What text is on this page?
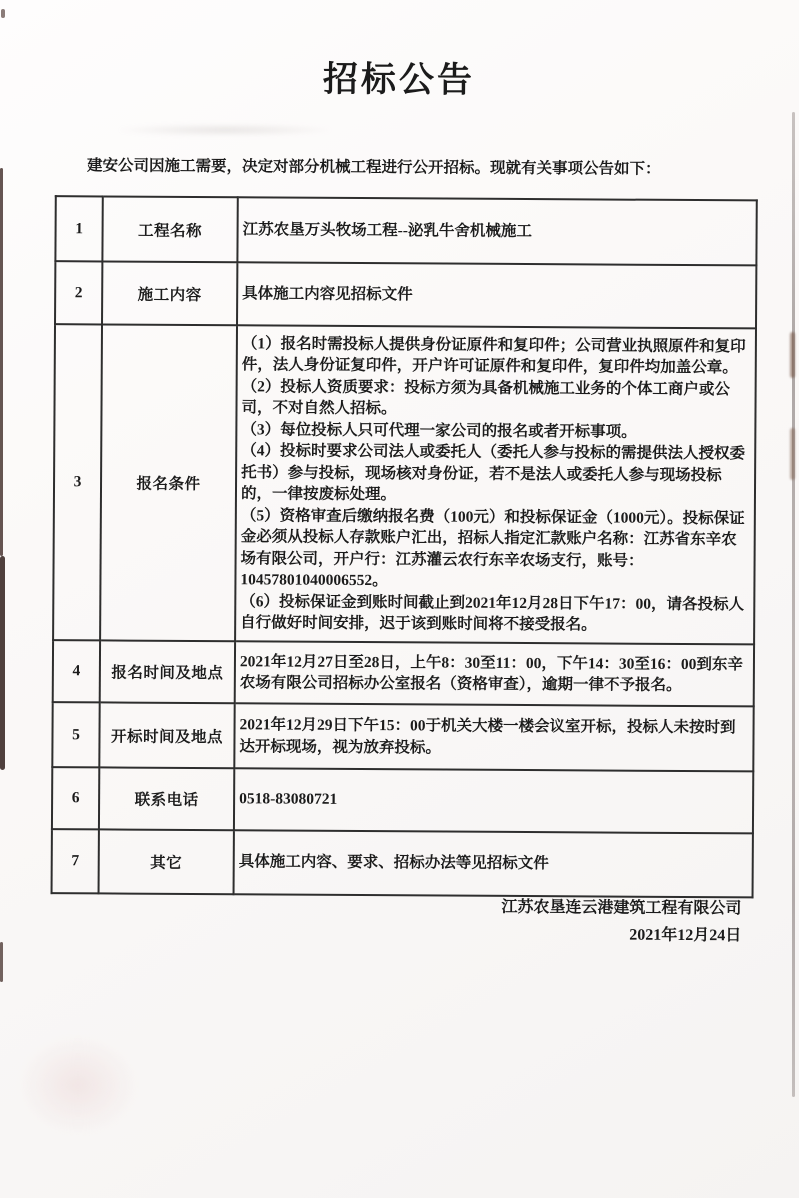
招标公告

建安公司因施工需要，决定对部分机械工程进行公开招标。现就有关事项公告如下：

1	工程名称	江苏农垦万头牧场工程--泌乳牛舍机械施工

2	施工内容	具体施工内容见招标文件

3	报名条件	
（1）报名时需投标人提供身份证原件和复印件；公司营业执照原件和复印件，法人身份证复印件，开户许可证原件和复印件，复印件均加盖公章。
（2）投标人资质要求：投标方须为具备机械施工业务的个体工商户或公司，不对自然人招标。
（3）每位投标人只可代理一家公司的报名或者开标事项。
（4）投标时要求公司法人或委托人（委托人参与投标的需提供法人授权委托书）参与投标，现场核对身份证，若不是法人或委托人参与现场投标的，一律按废标处理。
（5）资格审查后缴纳报名费（100元）和投标保证金（1000元）。投标保证金必须从投标人存款账户汇出，招标人指定汇款账户名称：江苏省东辛农场有限公司，开户行：江苏灌云农行东辛农场支行，账号：10457801040006552。
（6）投标保证金到账时间截止到2021年12月28日下午17：00，请各投标人自行做好时间安排，迟于该到账时间将不接受报名。

4	报名时间及地点	2021年12月27日至28日，上午8：30至11：00，下午14：30至16：00到东辛农场有限公司招标办公室报名（资格审查），逾期一律不予报名。

5	开标时间及地点	2021年12月29日下午15：00于机关大楼一楼会议室开标，投标人未按时到达开标现场，视为放弃投标。

6	联系电话	0518-83080721

7	其它	具体施工内容、要求、招标办法等见招标文件
江苏农垦连云港建筑工程有限公司
2021年12月24日
